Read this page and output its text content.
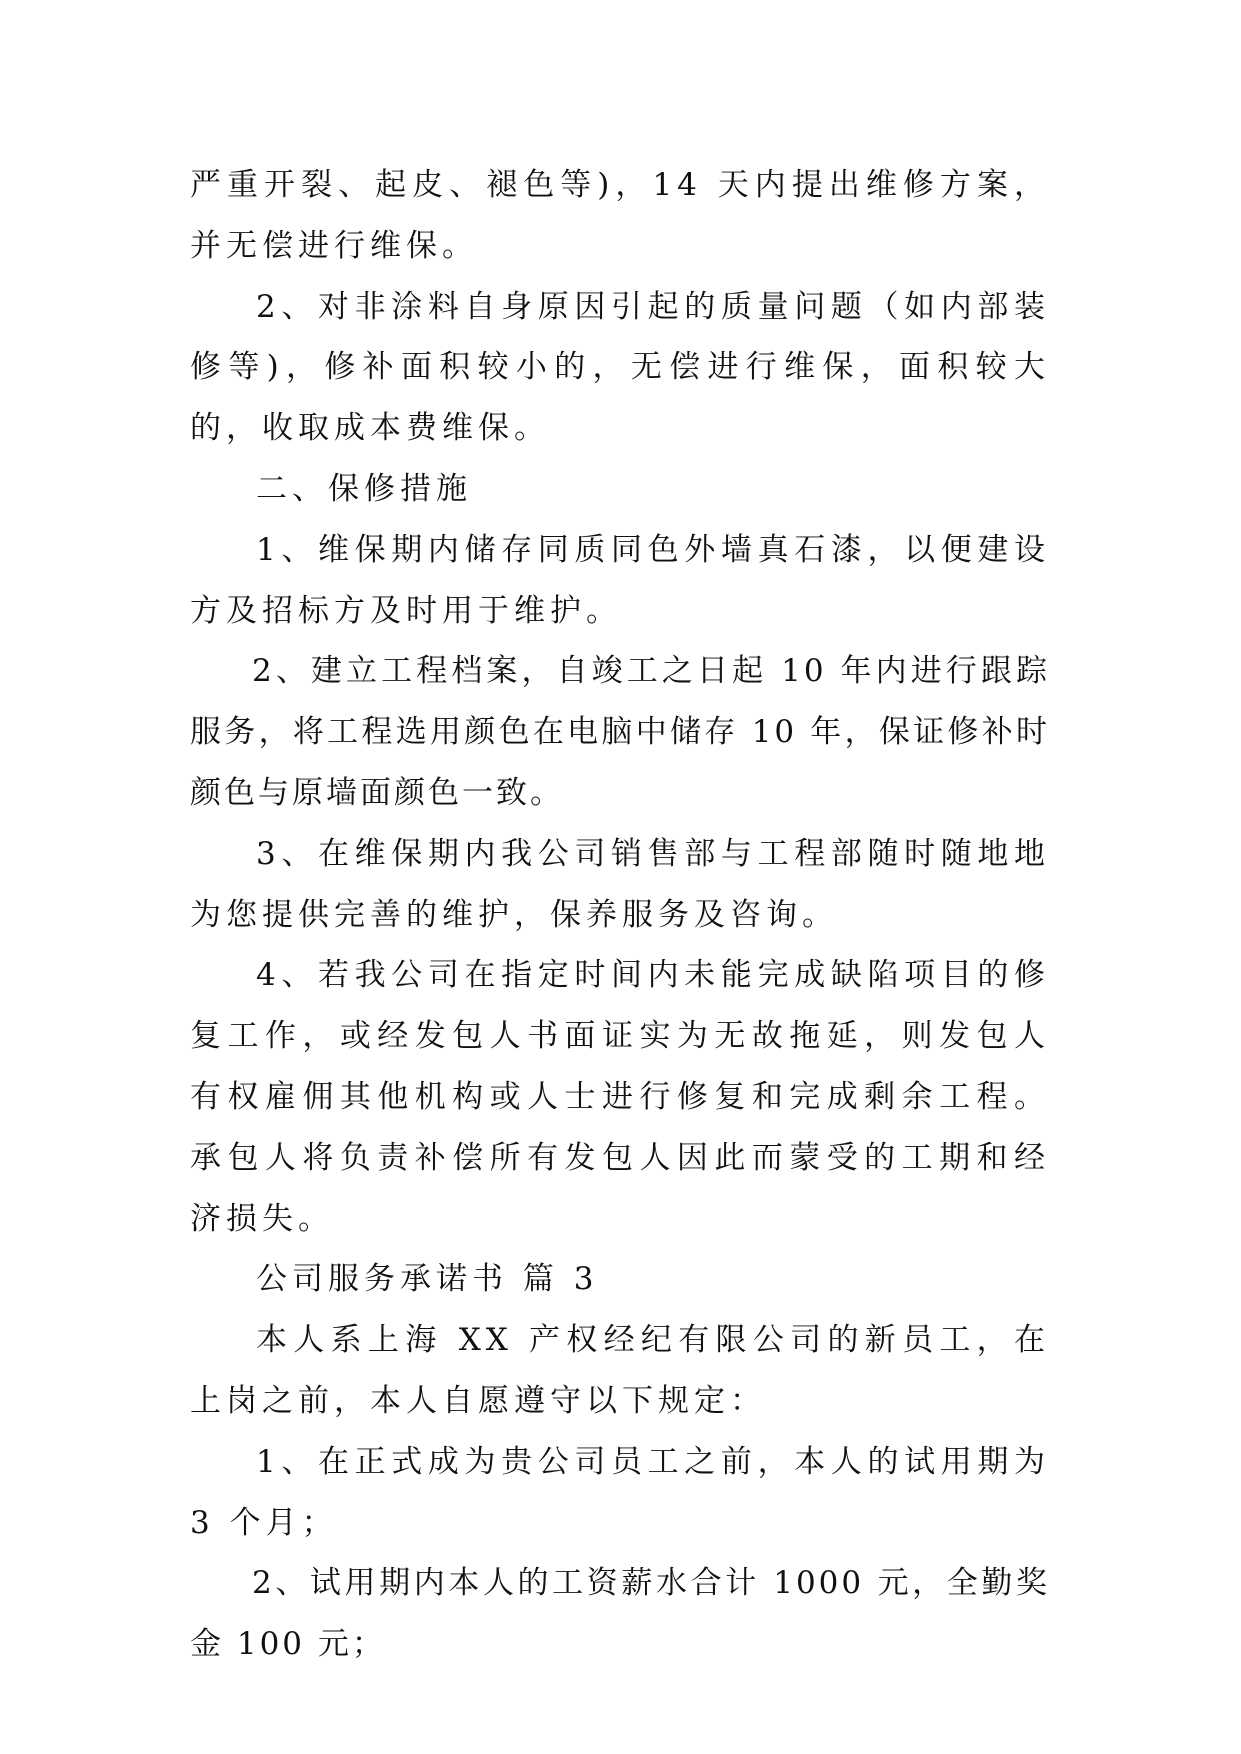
严重开裂、起皮、褪色等)，14 天内提出维修方案，并无偿进行维保。

2、对非涂料自身原因引起的质量问题（如内部装修等)，修补面积较小的，无偿进行维保，面积较大的，收取成本费维保。

二、保修措施

1、维保期内储存同质同色外墙真石漆，以便建设方及招标方及时用于维护。

2、建立工程档案，自竣工之日起 10 年内进行跟踪服务，将工程选用颜色在电脑中储存 10 年，保证修补时颜色与原墙面颜色一致。

3、在维保期内我公司销售部与工程部随时随地地为您提供完善的维护，保养服务及咨询。

4、若我公司在指定时间内未能完成缺陷项目的修复工作，或经发包人书面证实为无故拖延，则发包人有权雇佣其他机构或人士进行修复和完成剩余工程。承包人将负责补偿所有发包人因此而蒙受的工期和经济损失。

公司服务承诺书 篇 3

本人系上海 XX 产权经纪有限公司的新员工，在上岗之前，本人自愿遵守以下规定：

1、在正式成为贵公司员工之前，本人的试用期为 3 个月；

2、试用期内本人的工资薪水合计 1000 元，全勤奖金 100 元；
